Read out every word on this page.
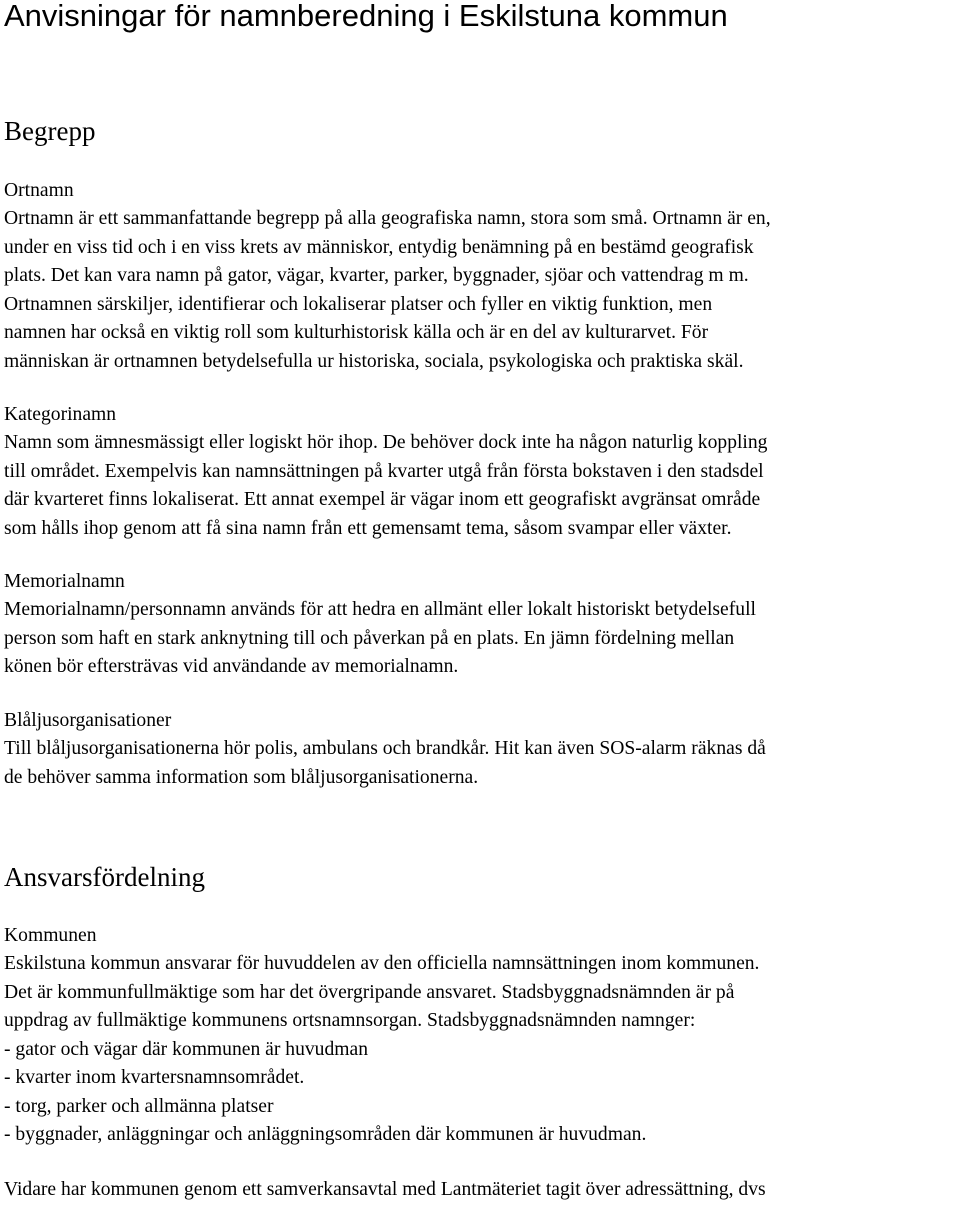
Anvisningar för namnberedning i Eskilstuna kommun
Begrepp
Ortnamn
Ortnamn är ett sammanfattande begrepp på alla geografiska namn, stora som små. Ortnamn är en,
under en viss tid och i en viss krets av människor, entydig benämning på en bestämd geografisk
plats. Det kan vara namn på gator, vägar, kvarter, parker, byggnader, sjöar och vattendrag m m.
Ortnamnen särskiljer, identifierar och lokaliserar platser och fyller en viktig funktion, men
namnen har också en viktig roll som kulturhistorisk källa och är en del av kulturarvet. För
människan är ortnamnen betydelsefulla ur historiska, sociala, psykologiska och praktiska skäl.
Kategorinamn
Namn som ämnesmässigt eller logiskt hör ihop. De behöver dock inte ha någon naturlig koppling
till området. Exempelvis kan namnsättningen på kvarter utgå från första bokstaven i den stadsdel
där kvarteret finns lokaliserat. Ett annat exempel är vägar inom ett geografiskt avgränsat område
som hålls ihop genom att få sina namn från ett gemensamt tema, såsom svampar eller växter.
Memorialnamn
Memorialnamn/personnamn används för att hedra en allmänt eller lokalt historiskt betydelsefull
person som haft en stark anknytning till och påverkan på en plats. En jämn fördelning mellan
könen bör eftersträvas vid användande av memorialnamn.
Blåljusorganisationer
Till blåljusorganisationerna hör polis, ambulans och brandkår. Hit kan även SOS-alarm räknas då
de behöver samma information som blåljusorganisationerna.
Ansvarsfördelning
Kommunen
Eskilstuna kommun ansvarar för huvuddelen av den officiella namnsättningen inom kommunen.
Det är kommunfullmäktige som har det övergripande ansvaret. Stadsbyggnadsnämnden är på
uppdrag av fullmäktige kommunens ortsnamnsorgan. Stadsbyggnadsnämnden namnger:
- gator och vägar där kommunen är huvudman
- kvarter inom kvartersnamnsområdet.
- torg, parker och allmänna platser
- byggnader, anläggningar och anläggningsområden där kommunen är huvudman.
Vidare har kommunen genom ett samverkansavtal med Lantmäteriet tagit över adressättning, dvs
